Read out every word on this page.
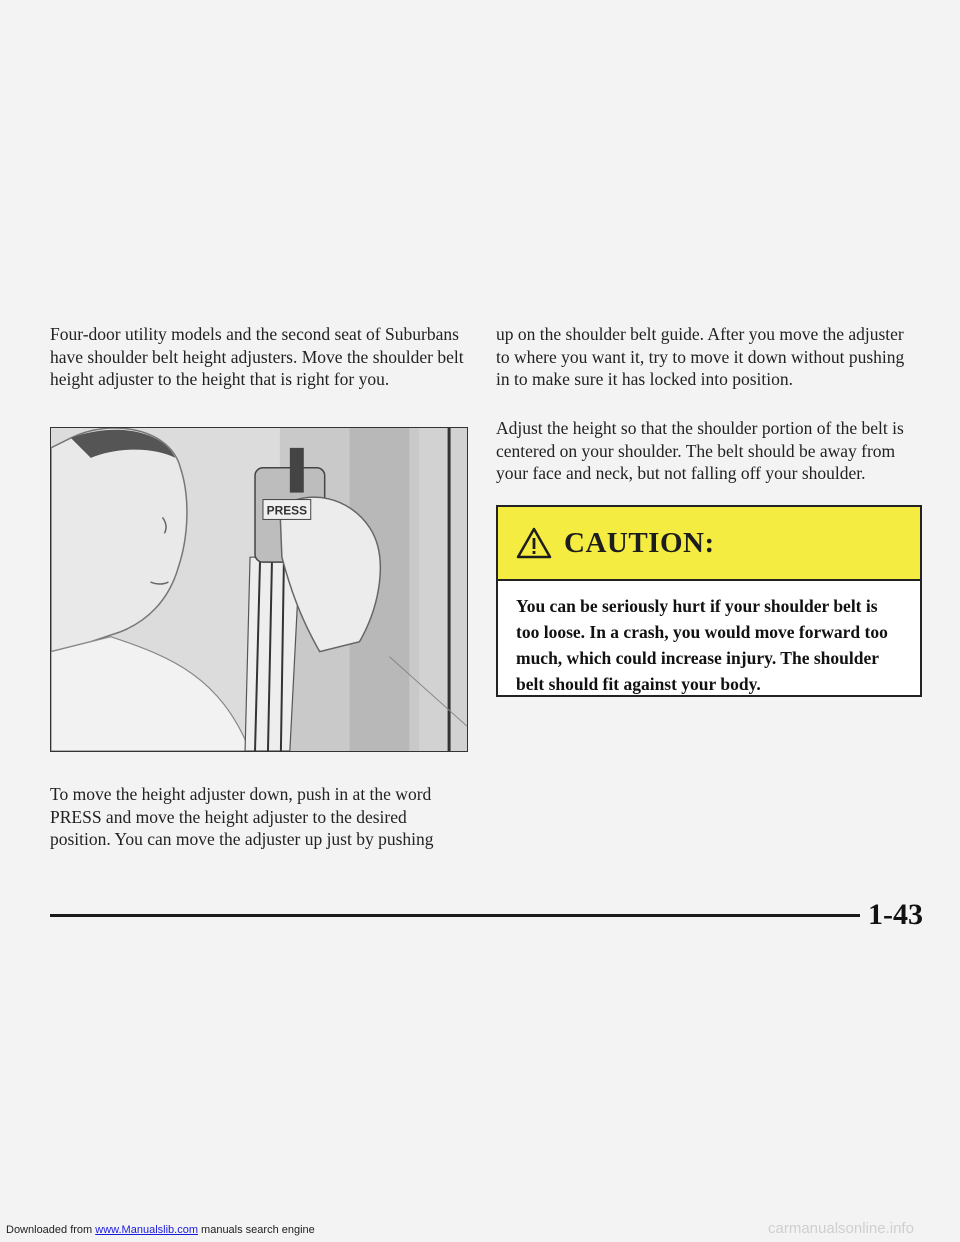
Four-door utility models and the second seat of Suburbans have shoulder belt height adjusters. Move the shoulder belt height adjuster to the height that is right for you.

PRESS

To move the height adjuster down, push in at the word PRESS and move the height adjuster to the desired position. You can move the adjuster up just by pushing

up on the shoulder belt guide. After you move the adjuster to where you want it, try to move it down without pushing in to make sure it has locked into position.

Adjust the height so that the shoulder portion of the belt is centered on your shoulder. The belt should be away from your face and neck, but not falling off your shoulder.

CAUTION:
You can be seriously hurt if your shoulder belt is too loose. In a crash, you would move forward too much, which could increase injury. The shoulder belt should fit against your body.
1-43
Downloaded from www.Manualslib.com manuals search engine	carmanualsonline.info
